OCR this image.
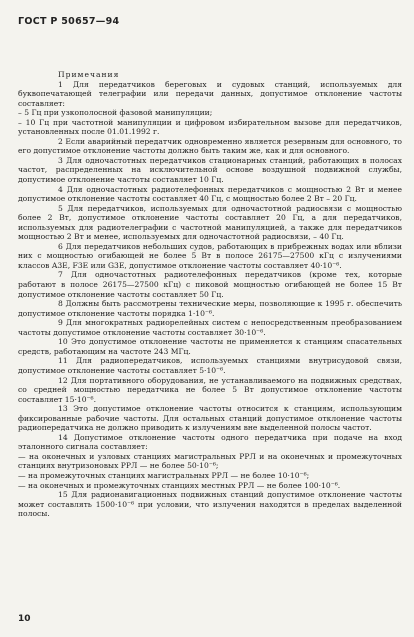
ГОСТ Р 50657—94

Примечания

1 Для передатчиков береговых и судовых станций, используемых для буквопечатающей телеграфии или передачи данных, допустимое отклонение частоты составляет:

– 5 Гц при узкополосной фазовой манипуляции;

– 10 Гц при частотной манипуляции и цифровом избирательном вызове для передатчиков, установленных после 01.01.1992 г.

2 Если аварийный передатчик одновременно является резервным для основного, то его допустимое отклонение частоты должно быть таким же, как и для основного.

3 Для одночастотных передатчиков стационарных станций, работающих в полосах частот, распределенных на исключительной основе воздушной подвижной службы, допустимое отклонение частоты составляет 10 Гц.

4 Для одночастотных радиотелефонных передатчиков с мощностью 2 Вт и менее допустимое отклонение частоты составляет 40 Гц, с мощностью более 2 Вт – 20 Гц.

5 Для передатчиков, используемых для одночастотной радиосвязи с мощностью более 2 Вт, допустимое отклонение частоты составляет 20 Гц, а для передатчиков, используемых для радиотелеграфии с частотной манипуляцией, а также для передатчиков мощностью 2 Вт и менее, используемых для одночастотной радиосвязи, – 40 Гц.

6 Для передатчиков небольших судов, работающих в прибрежных водах или вблизи них с мощностью огибающей не более 5 Вт в полосе 26175—27500 кГц с излучениями классов A3E, F3E или G3E, допустимое отклонение частоты составляет 40·10⁻⁶.

7 Для одночастотных радиотелефонных передатчиков (кроме тех, которые работают в полосе 26175—27500 кГц) с пиковой мощностью огибающей не более 15 Вт допустимое отклонение частоты составляет 50 Гц.

8 Должны быть рассмотрены технические меры, позволяющие к 1995 г. обеспечить допустимое отклонение частоты порядка 1·10⁻⁶.

9 Для многократных радиорелейных систем с непосредственным преобразованием частоты допустимое отклонение частоты составляет 30·10⁻⁶.

10 Это допустимое отклонение частоты не применяется к станциям спасательных средств, работающим на частоте 243 МГц.

11 Для радиопередатчиков, используемых станциями внутрисудовой связи, допустимое отклонение частоты составляет 5·10⁻⁶.

12 Для портативного оборудования, не устанавливаемого на подвижных средствах, со средней мощностью передатчика не более 5 Вт допустимое отклонение частоты составляет 15·10⁻⁶.

13 Это допустимое отклонение частоты относится к станциям, использующим фиксированные рабочие частоты. Для остальных станций допустимое отклонение частоты радиопередатчика не должно приводить к излучениям вне выделенной полосы частот.

14 Допустимое отклонение частоты одного передатчика при подаче на вход эталонного сигнала составляет:

— на оконечных и узловых станциях магистральных РРЛ и на оконечных и промежуточных станциях внутризоновых РРЛ — не более 50·10⁻⁶;

— на промежуточных станциях магистральных РРЛ — не более 10·10⁻⁶;

— на оконечных и промежуточных станциях местных РРЛ — не более 100·10⁻⁶.

15 Для радионавигационных подвижных станций допустимое отклонение частоты может составлять 1500·10⁻⁶ при условии, что излучения находятся в пределах выделенной полосы.

10
